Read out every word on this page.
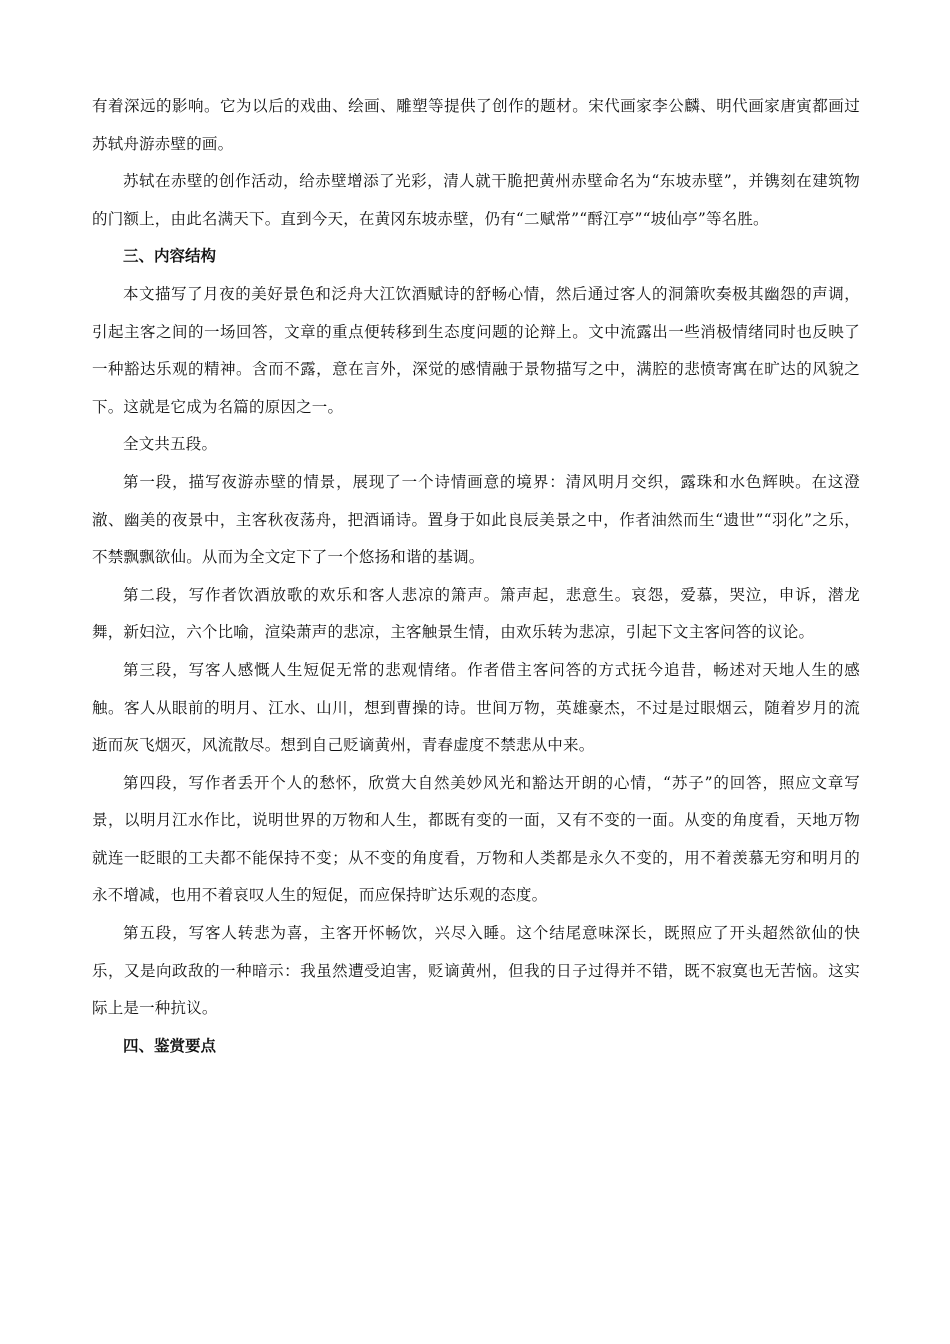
有着深远的影响。它为以后的戏曲、绘画、雕塑等提供了创作的题材。宋代画家李公麟、明代画家唐寅都画过苏轼舟游赤壁的画。

苏轼在赤壁的创作活动，给赤壁增添了光彩，清人就干脆把黄州赤壁命名为“东坡赤壁”，并镌刻在建筑物的门额上，由此名满天下。直到今天，在黄冈东坡赤壁，仍有“二赋常”“酹江亭”“坡仙亭”等名胜。

三、内容结构

本文描写了月夜的美好景色和泛舟大江饮酒赋诗的舒畅心情，然后通过客人的洞箫吹奏极其幽怨的声调，引起主客之间的一场回答，文章的重点便转移到生态度问题的论辩上。文中流露出一些消极情绪同时也反映了一种豁达乐观的精神。含而不露，意在言外，深觉的感情融于景物描写之中，满腔的悲愤寄寓在旷达的风貌之下。这就是它成为名篇的原因之一。

全文共五段。

第一段，描写夜游赤壁的情景，展现了一个诗情画意的境界：清风明月交织，露珠和水色辉映。在这澄澈、幽美的夜景中，主客秋夜荡舟，把酒诵诗。置身于如此良辰美景之中，作者油然而生“遗世”“羽化”之乐，不禁飘飘欲仙。从而为全文定下了一个悠扬和谐的基调。

第二段，写作者饮酒放歌的欢乐和客人悲凉的箫声。箫声起，悲意生。哀怨，爱慕，哭泣，申诉，潜龙舞，新妇泣，六个比喻，渲染萧声的悲凉，主客触景生情，由欢乐转为悲凉，引起下文主客问答的议论。

第三段，写客人感慨人生短促无常的悲观情绪。作者借主客问答的方式抚今追昔，畅述对天地人生的感触。客人从眼前的明月、江水、山川，想到曹操的诗。世间万物，英雄豪杰，不过是过眼烟云，随着岁月的流逝而灰飞烟灭，风流散尽。想到自己贬谪黄州，青春虚度不禁悲从中来。

第四段，写作者丢开个人的愁怀，欣赏大自然美妙风光和豁达开朗的心情，“苏子”的回答，照应文章写景，以明月江水作比，说明世界的万物和人生，都既有变的一面，又有不变的一面。从变的角度看，天地万物就连一眨眼的工夫都不能保持不变；从不变的角度看，万物和人类都是永久不变的，用不着羡慕无穷和明月的永不增减，也用不着哀叹人生的短促，而应保持旷达乐观的态度。

第五段，写客人转悲为喜，主客开怀畅饮，兴尽入睡。这个结尾意味深长，既照应了开头超然欲仙的快乐，又是向政敌的一种暗示：我虽然遭受迫害，贬谪黄州，但我的日子过得并不错，既不寂寞也无苦恼。这实际上是一种抗议。

四、鉴赏要点
